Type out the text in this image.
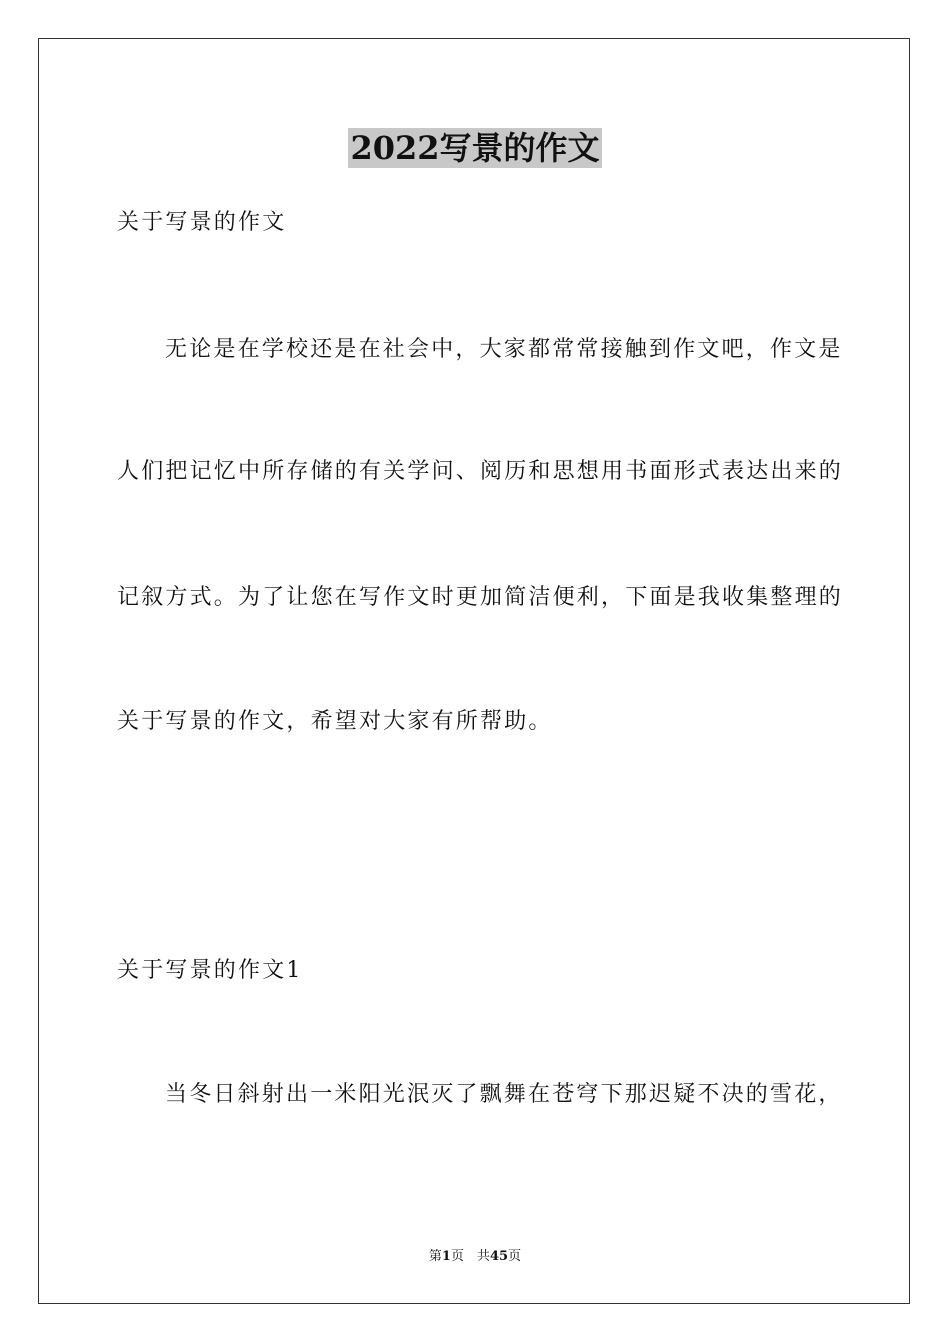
2022写景的作文
关于写景的作文
无论是在学校还是在社会中，大家都常常接触到作文吧，作文是
人们把记忆中所存储的有关学问、阅历和思想用书面形式表达出来的
记叙方式。为了让您在写作文时更加简洁便利，下面是我收集整理的
关于写景的作文，希望对大家有所帮助。
关于写景的作文1
当冬日斜射出一米阳光泯灭了飘舞在苍穹下那迟疑不决的雪花，
第1页　共45页
